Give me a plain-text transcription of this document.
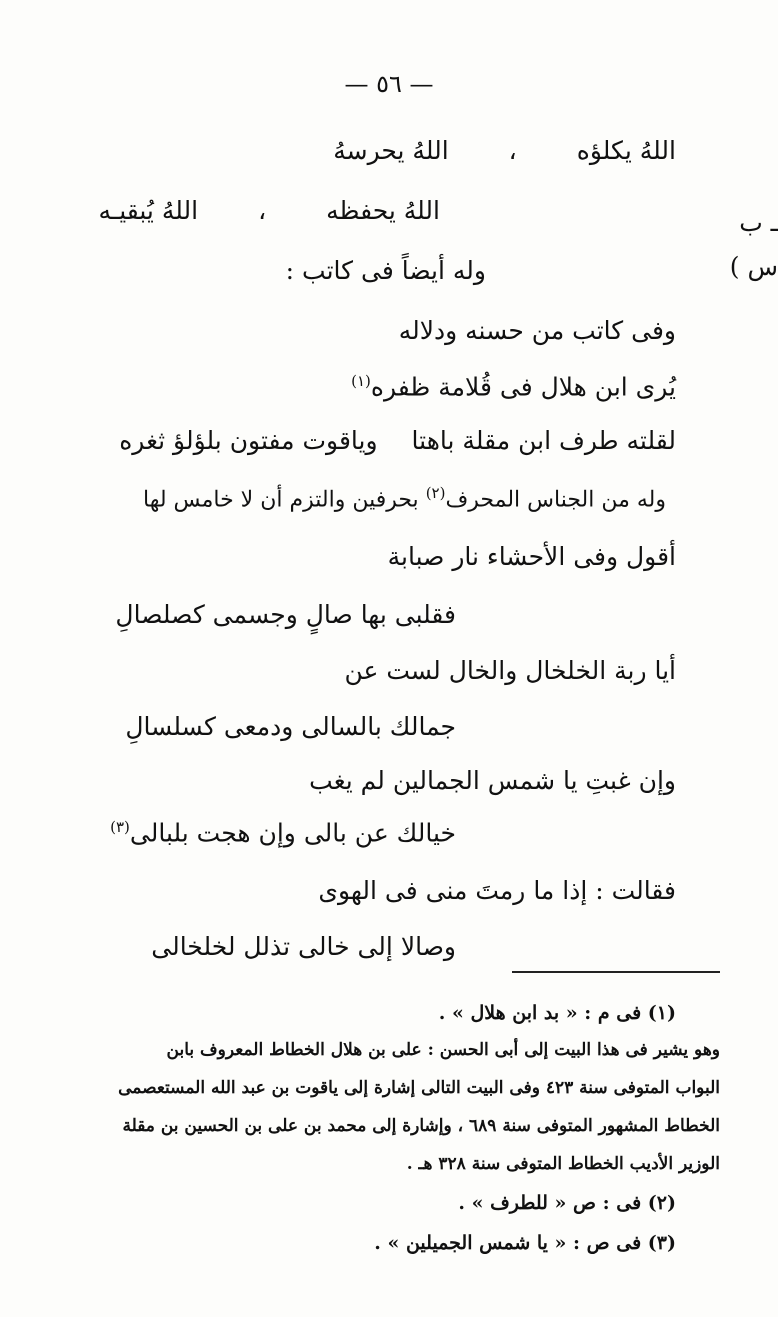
— ٥٦ —
ـ ب
س )
اللهُ يكلؤه،اللهُ يحرسهُ
اللهُ يحفظه،اللهُ يُبقيـه
وله أيضاً فى كاتب :
وفى كاتب من حسنه ودلاله
يُرى ابن هلال فى قُلامة ظفره$^{(١)}$
لقلته طرف ابن مقلة باهتاوياقوت مفتون بلؤلؤ ثغره
وله من الجناس المحرف$^{(٢)}$ بحرفين والتزم أن لا خامس لها
أقول وفى الأحشاء نار صبابة
فقلبى بها صالٍ وجسمى كصلصالِ
أيا ربة الخلخال والخال لست عن
جمالك بالسالى ودمعى كسلسالِ
وإن غبتِ يا شمس الجمالين لم يغب
خيالك عن بالى وإن هجت بلبالى$^{(٣)}$
فقالت : إذا ما رمتَ منى فى الهوى
وصالا إلى خالى تذلل لخلخالى
(١) فى م : « بد ابن هلال » .
وهو يشير فى هذا البيت إلى أبى الحسن : على بن هلال الخطاط المعروف بابن
البواب المتوفى سنة ٤٢٣ وفى البيت التالى إشارة إلى ياقوت بن عبد الله المستعصمى
الخطاط المشهور المتوفى سنة ٦٨٩ ، وإشارة إلى محمد بن على بن الحسين بن مقلة
الوزير الأديب الخطاط المتوفى سنة ٣٢٨ هـ .
(٢) فى : ص « للطرف » .
(٣) فى ص : « يا شمس الجميلين » .
